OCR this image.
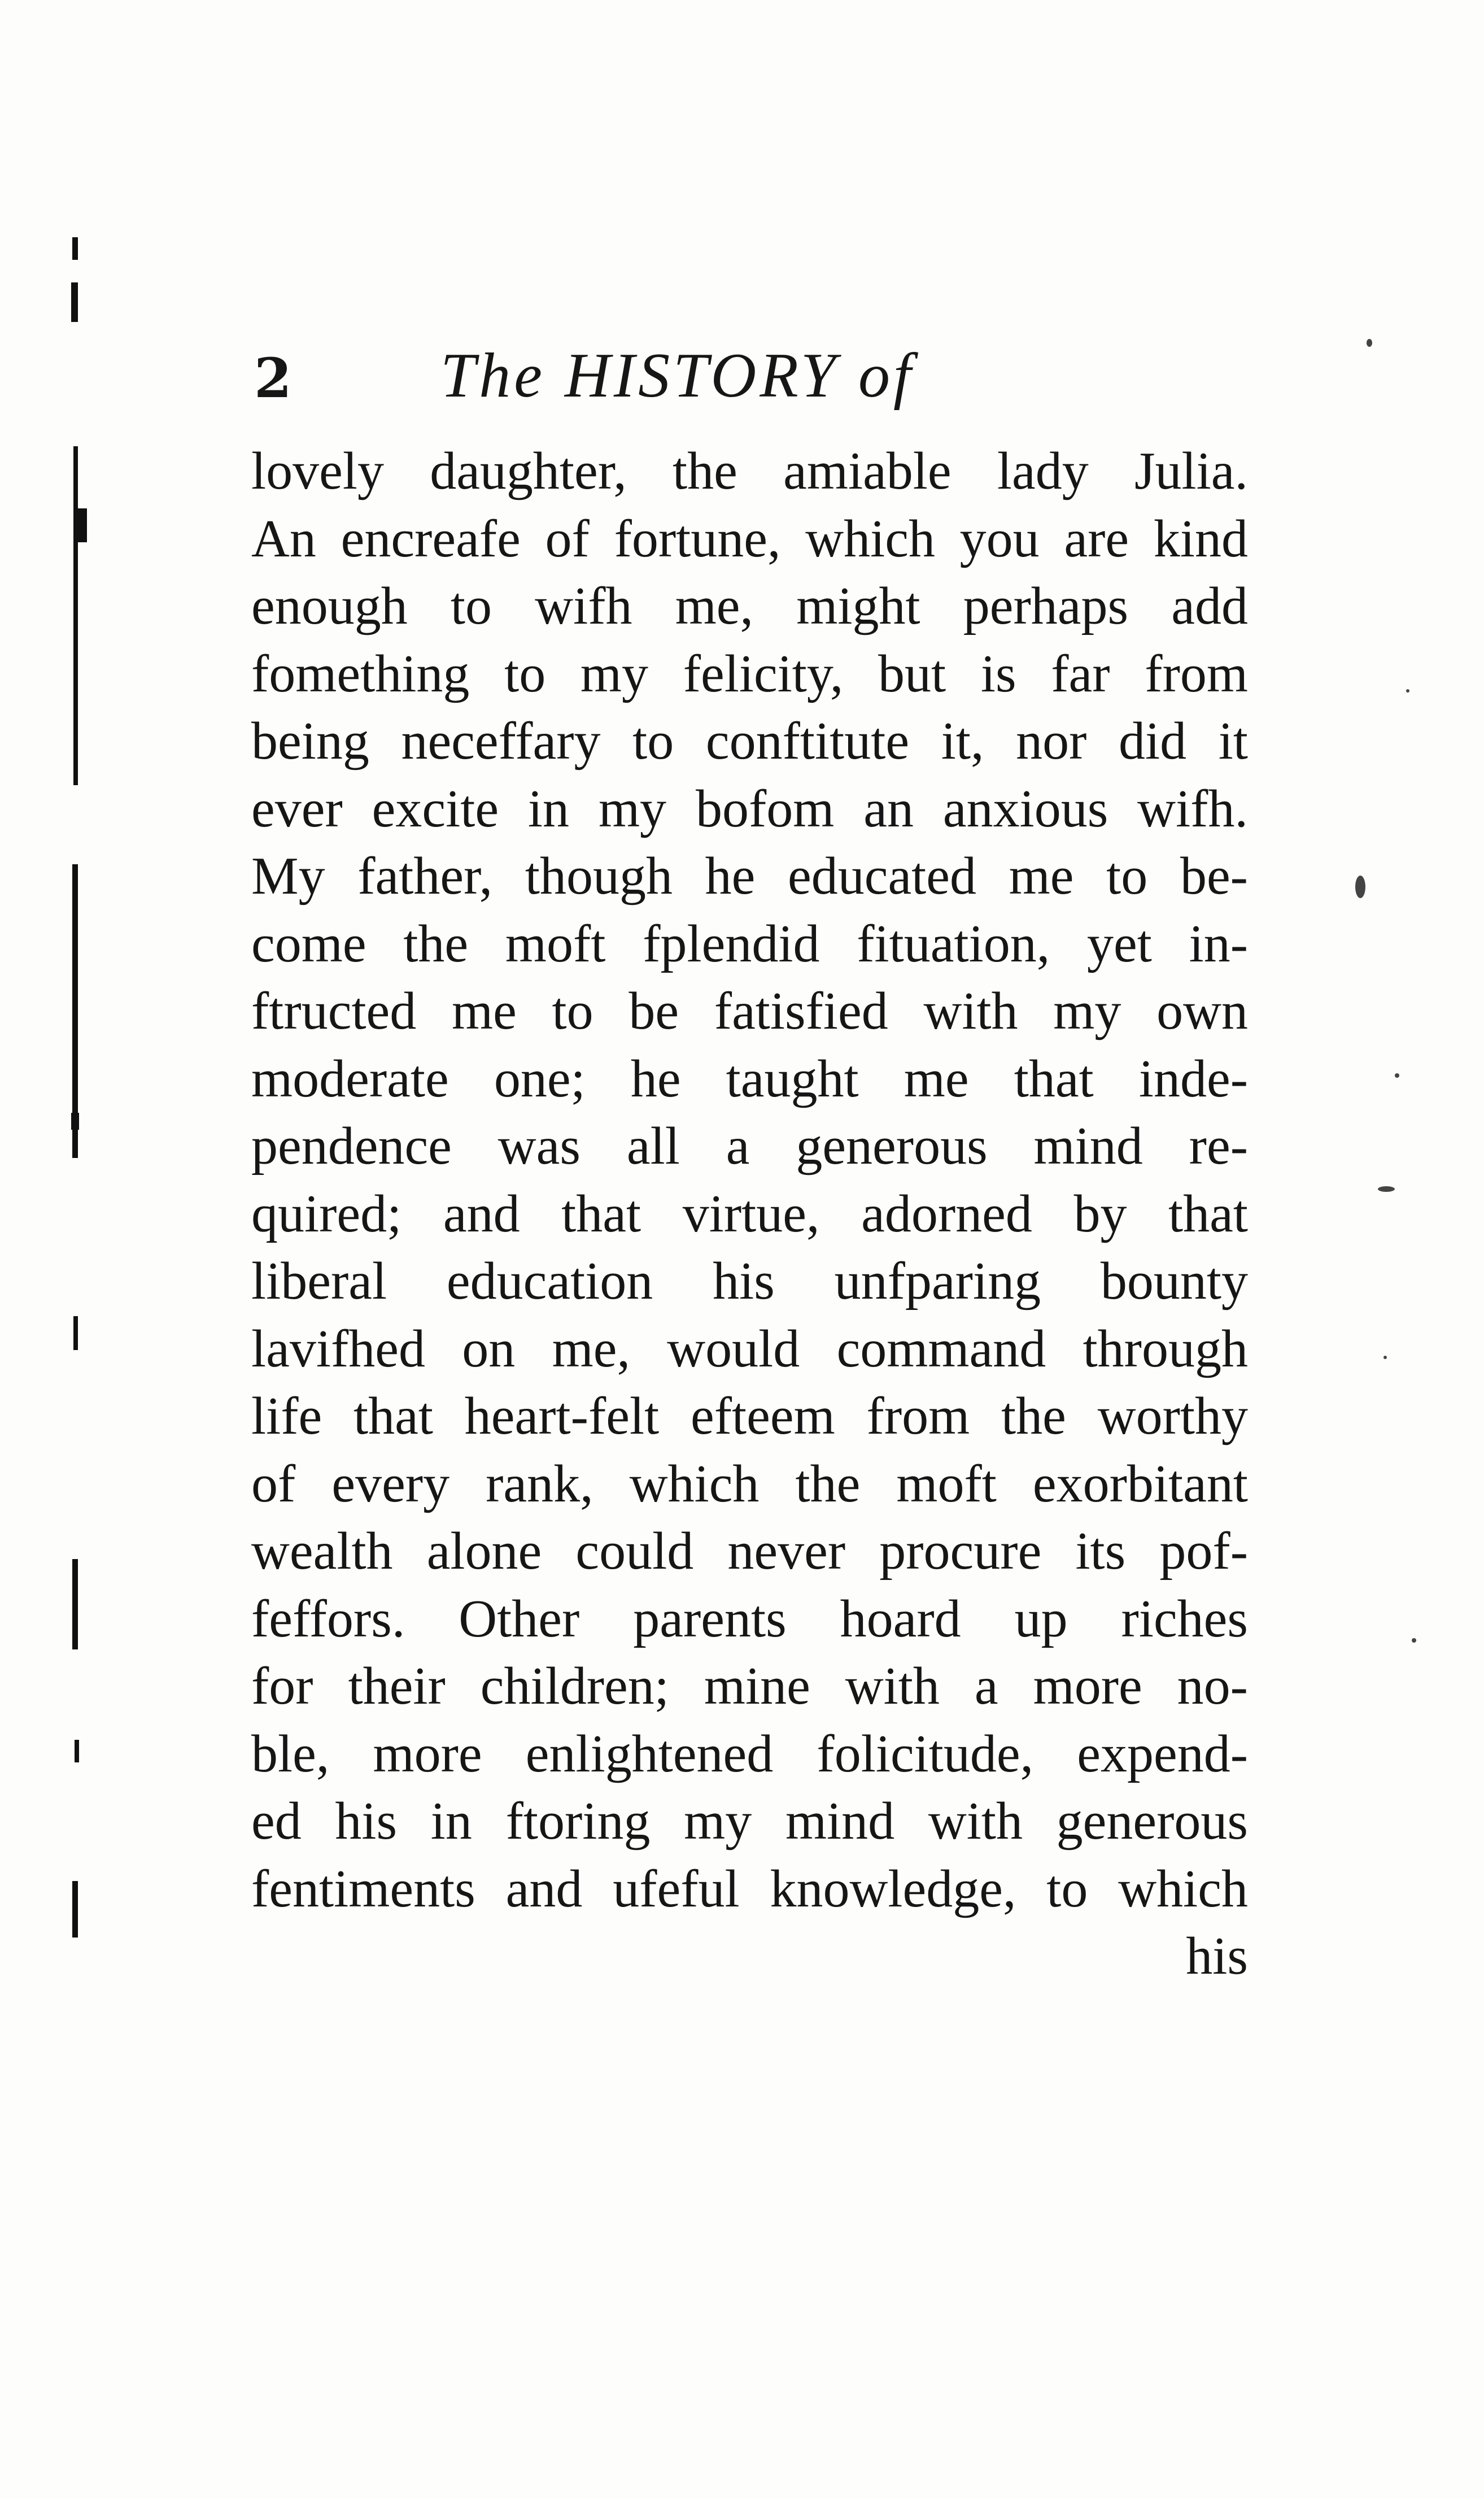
2 The HISTORY of
lovely daughter, the amiable lady Julia.
An encreafe of fortune, which you are kind
enough to wifh me, might perhaps add
fomething to my felicity, but is far from
being neceffary to conftitute it, nor did it
ever excite in my bofom an anxious wifh.
My father, though he educated me to be-
come the moft fplendid fituation, yet in-
ftructed me to be fatisfied with my own
moderate one; he taught me that inde-
pendence was all a generous mind re-
quired; and that virtue, adorned by that
liberal education his unfparing bounty
lavifhed on me, would command through
life that heart-felt efteem from the worthy
of every rank, which the moft exorbitant
wealth alone could never procure its pof-
feffors. Other parents hoard up riches
for their children; mine with a more no-
ble, more enlightened folicitude, expend-
ed his in ftoring my mind with generous
fentiments and ufeful knowledge, to which
his
